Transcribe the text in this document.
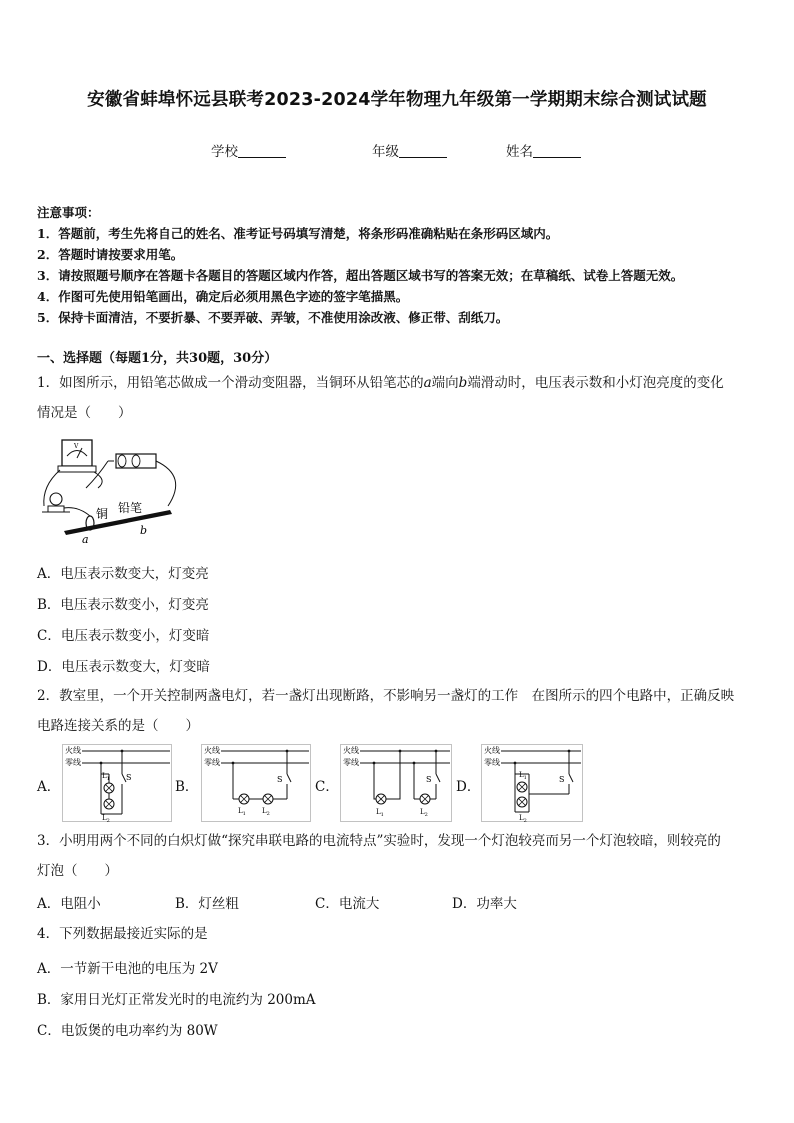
安徽省蚌埠怀远县联考2023-2024学年物理九年级第一学期期末综合测试试题
学校	年级	姓名
注意事项：
1．答题前，考生先将自己的姓名、准考证号码填写清楚，将条形码准确粘贴在条形码区域内。
2．答题时请按要求用笔。
3．请按照题号顺序在答题卡各题目的答题区域内作答，超出答题区域书写的答案无效；在草稿纸、试卷上答题无效。
4．作图可先使用铅笔画出，确定后必须用黑色字迹的签字笔描黑。
5．保持卡面清洁，不要折暴、不要弄破、弄皱，不准使用涂改液、修正带、刮纸刀。
一、选择题（每题1分，共30题，30分）
1．如图所示，用铅笔芯做成一个滑动变阻器，当铜环从铅笔芯的a端向b端滑动时，电压表示数和小灯泡亮度的变化
情况是（　　）
V
铜 铅笔
a
b
A．电压表示数变大，灯变亮
B．电压表示数变小，灯变亮
C．电压表示数变小，灯变暗
D．电压表示数变大，灯变暗
2．教室里，一个开关控制两盏电灯，若一盏灯出现断路，不影响另一盏灯的工作　在图所示的四个电路中，正确反映
电路连接关系的是（　　）
A．	B．	C．	D．
火线
零线
S
$L_1$
$L_2$
火线
零线
S
$L_1$ $L_2$
火线
零线
S
$L_1$	$L_2$
火线
零线
S
$L_1$
$L_2$
3．小明用两个不同的白炽灯做“探究串联电路的电流特点”实验时，发现一个灯泡较亮而另一个灯泡较暗，则较亮的
灯泡（　　）
A．电阻小	B．灯丝粗	C．电流大	D．功率大
4．下列数据最接近实际的是
A．一节新干电池的电压为 2V
B．家用日光灯正常发光时的电流约为 200mA
C．电饭煲的电功率约为 80W
